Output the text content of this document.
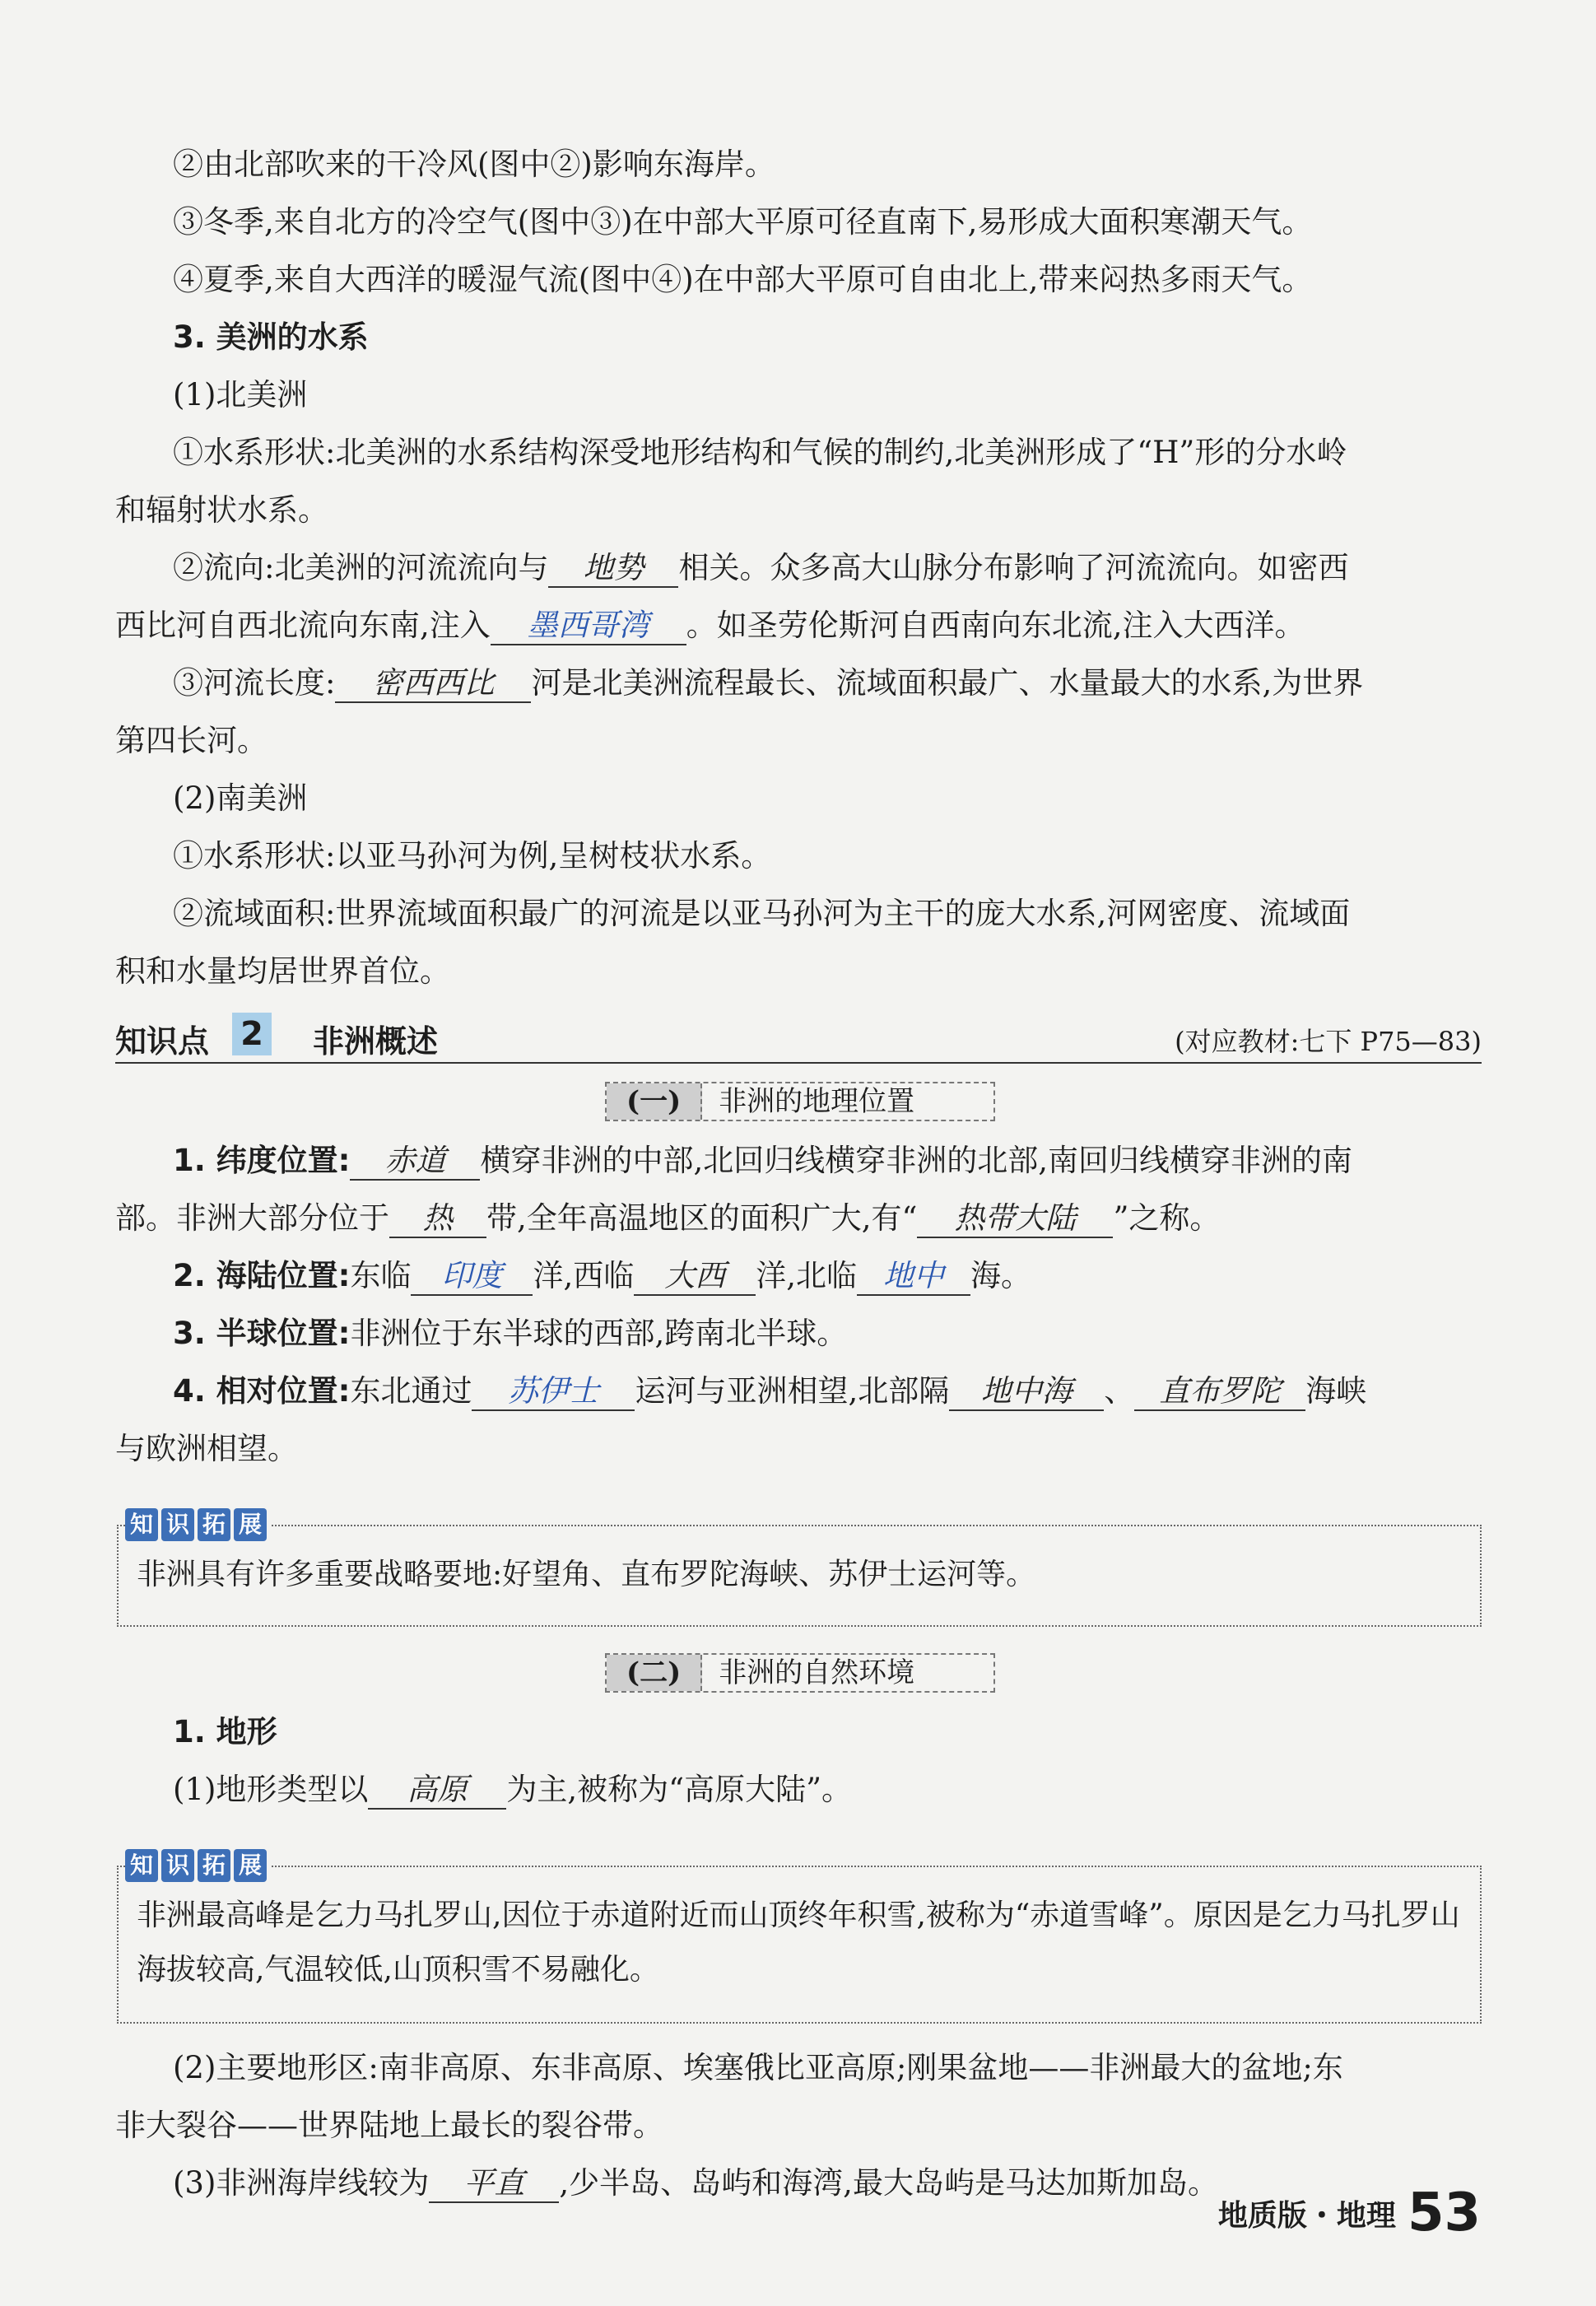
②由北部吹来的干冷风(图中②)影响东海岸。
③冬季,来自北方的冷空气(图中③)在中部大平原可径直南下,易形成大面积寒潮天气。
④夏季,来自大西洋的暖湿气流(图中④)在中部大平原可自由北上,带来闷热多雨天气。
3. 美洲的水系
(1)北美洲
①水系形状:北美洲的水系结构深受地形结构和气候的制约,北美洲形成了“H”形的分水岭
和辐射状水系。
②流向:北美洲的河流流向与 地势 相关。众多高大山脉分布影响了河流流向。如密西
西比河自西北流向东南,注入 墨西哥湾 。如圣劳伦斯河自西南向东北流,注入大西洋。
③河流长度: 密西西比 河是北美洲流程最长、流域面积最广、水量最大的水系,为世界
第四长河。
(2)南美洲
①水系形状:以亚马孙河为例,呈树枝状水系。
②流域面积:世界流域面积最广的河流是以亚马孙河为主干的庞大水系,河网密度、流域面
积和水量均居世界首位。
知识点 2 非洲概述	(对应教材:七下 P75—83)
(一) 非洲的地理位置
1. 纬度位置: 赤道 横穿非洲的中部,北回归线横穿非洲的北部,南回归线横穿非洲的南
部。非洲大部分位于 热 带,全年高温地区的面积广大,有“ 热带大陆 ”之称。
2. 海陆位置:东临 印度 洋,西临 大西 洋,北临 地中 海。
3. 半球位置:非洲位于东半球的西部,跨南北半球。
4. 相对位置:东北通过 苏伊士 运河与亚洲相望,北部隔 地中海 、 直布罗陀 海峡
与欧洲相望。
知 识 拓 展
非洲具有许多重要战略要地:好望角、直布罗陀海峡、苏伊士运河等。
(二) 非洲的自然环境
1. 地形
(1)地形类型以 高原 为主,被称为“高原大陆”。
知 识 拓 展
非洲最高峰是乞力马扎罗山,因位于赤道附近而山顶终年积雪,被称为“赤道雪峰”。原因是乞力马扎罗山海拔较高,气温较低,山顶积雪不易融化。
(2)主要地形区:南非高原、东非高原、埃塞俄比亚高原;刚果盆地——非洲最大的盆地;东
非大裂谷——世界陆地上最长的裂谷带。
(3)非洲海岸线较为 平直 ,少半岛、岛屿和海湾,最大岛屿是马达加斯加岛。
地质版・地理 53
